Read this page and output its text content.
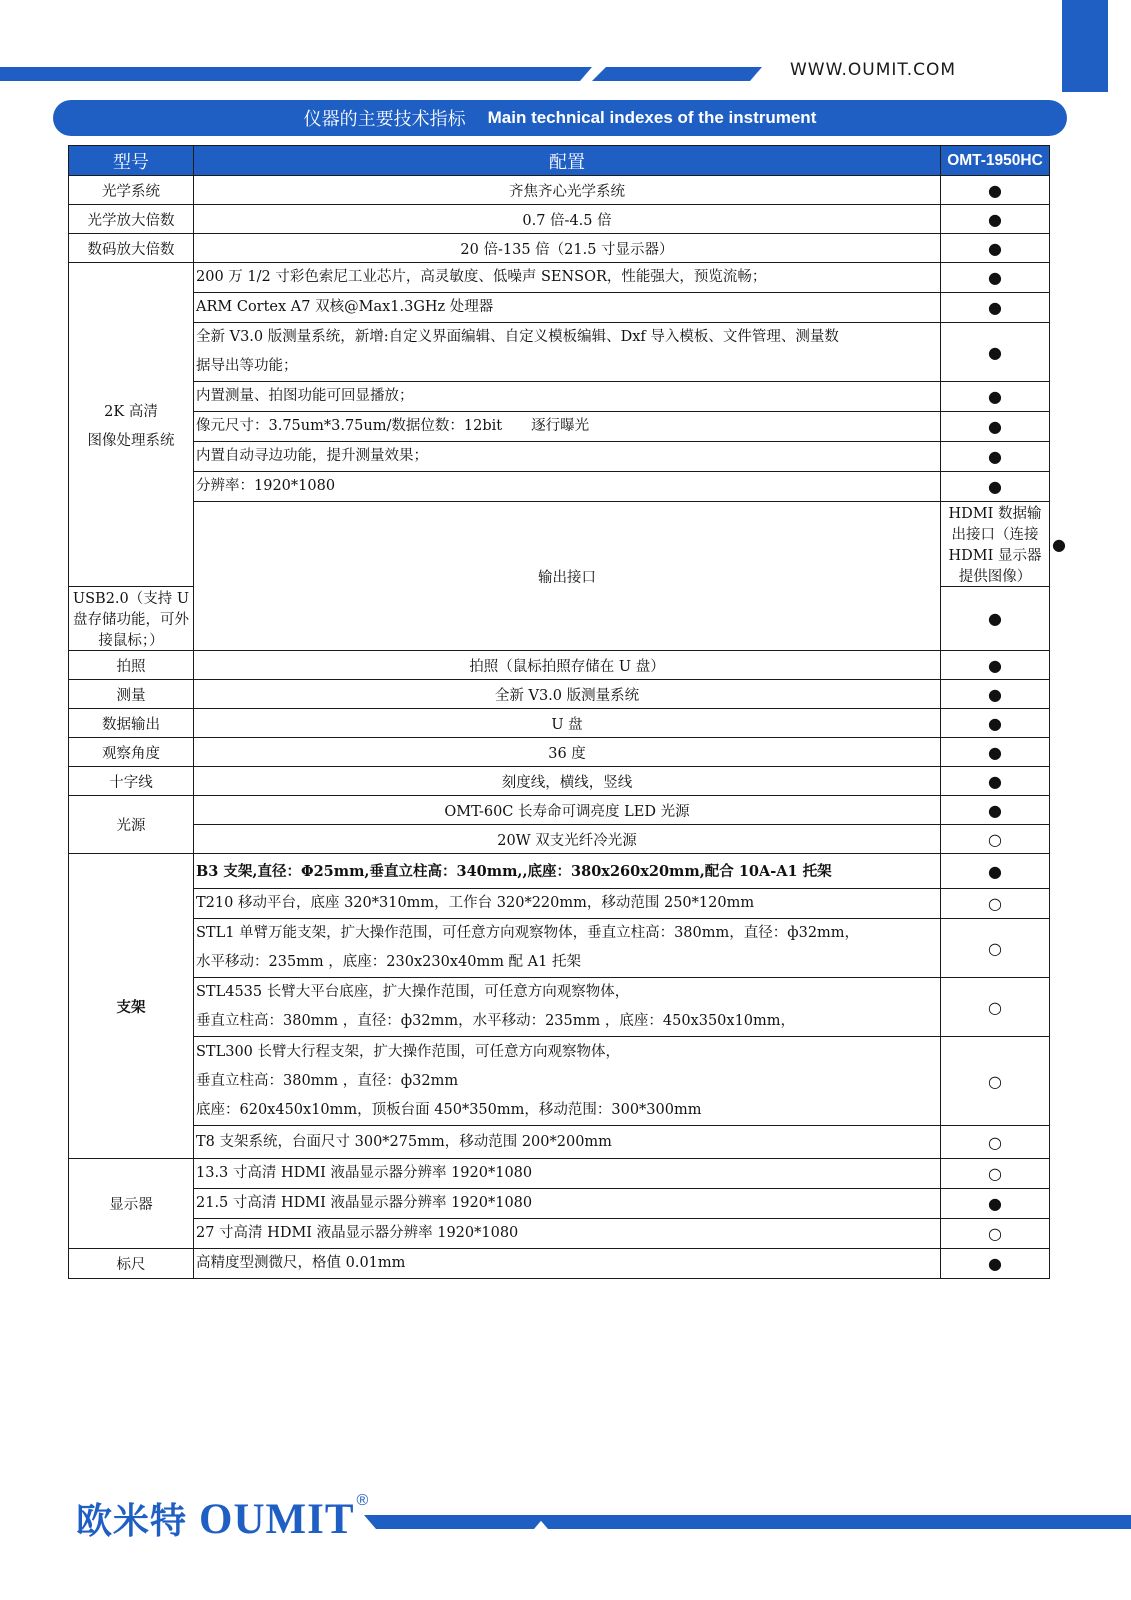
WWW.OUMIT.COM
仪器的主要技术指标 Main technical indexes of the instrument
型号	配置	OMT-1950HC	
光学系统	齐焦齐心光学系统	●	
光学放大倍数	0.7 倍-4.5 倍	●	
数码放大倍数	20 倍-135 倍（21.5 寸显示器）	●	

2K 高清
图像处理系统	200 万 1/2 寸彩色索尼工业芯片，高灵敏度、低噪声 SENSOR，性能强大，预览流畅；	●	
	ARM Cortex A7 双核@Max1.3GHz 处理器	●	

	全新 V3.0 版测量系统，新增:自定义界面编辑、自定义模板编辑、Dxf 导入模板、文件管理、测量数
据导出等功能；	●	
	内置测量、拍图功能可回显播放；	●	
	像元尺寸：3.75um*3.75um/数据位数：12bit　　逐行曝光	●	
	内置自动寻边功能，提升测量效果；	●	
	分辨率：1920*1080	●	
	输出接口	HDMI 数据输出接口（连接 HDMI 显示器提供图像）	●
USB2.0（支持 U 盘存储功能，可外接鼠标；）		●	
拍照	拍照（鼠标拍照存储在 U 盘）	●	
测量	全新 V3.0 版测量系统	●	
数据输出	U 盘	●	
观察角度	36 度	●	
十字线	刻度线，横线，竖线	●	
光源	OMT-60C 长寿命可调亮度 LED 光源	●	
	20W 双支光纤冷光源	○	
支架	B3 支架,直径：Φ25mm,垂直立柱高：340mm,,底座：380x260x20mm,配合 10A-A1 托架	●	
	T210 移动平台，底座 320*310mm，工作台 320*220mm，移动范围 250*120mm	○	

	STL1 单臂万能支架，扩大操作范围，可任意方向观察物体，垂直立柱高：380mm，直径：ф32mm，
水平移动：235mm ，底座：230x230x40mm 配 A1 托架	○	

	STL4535 长臂大平台底座，扩大操作范围，可任意方向观察物体，
垂直立柱高：380mm ，直径：ф32mm，水平移动：235mm ，底座：450x350x10mm，	○	

	STL300 长臂大行程支架，扩大操作范围，可任意方向观察物体，
垂直立柱高：380mm ，直径：ф32mm
底座：620x450x10mm，顶板台面 450*350mm，移动范围：300*300mm	○	
	T8 支架系统，台面尺寸 300*275mm，移动范围 200*200mm	○	
显示器	13.3 寸高清 HDMI 液晶显示器分辨率 1920*1080	○	
	21.5 寸高清 HDMI 液晶显示器分辨率 1920*1080	●	
	27 寸高清 HDMI 液晶显示器分辨率 1920*1080	○	
标尺	高精度型测微尺，格值 0.01mm	●	
欧米特 OUMIT ®
